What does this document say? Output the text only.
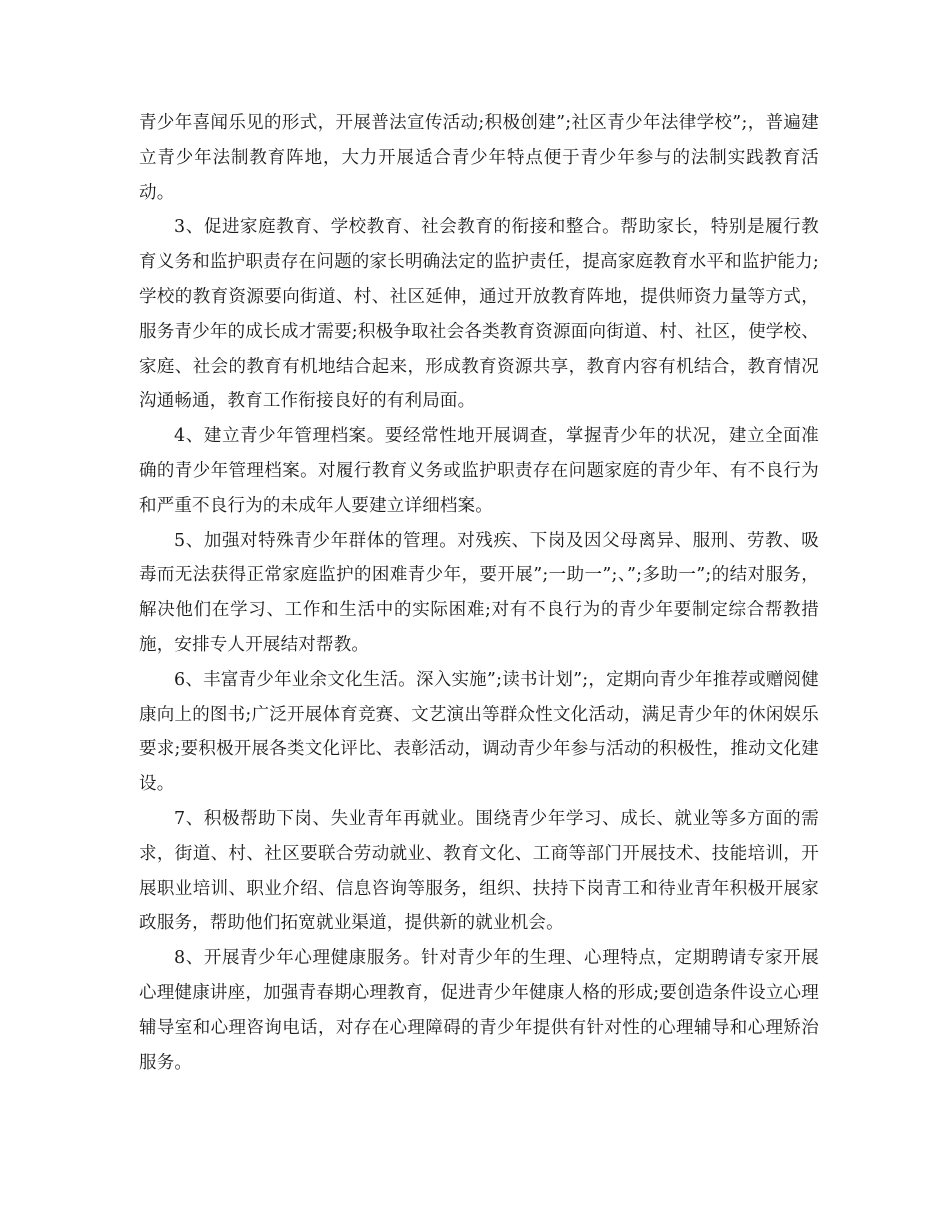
青少年喜闻乐见的形式，开展普法宣传活动;积极创建”;社区青少年法律学校”;，普遍建立青少年法制教育阵地，大力开展适合青少年特点便于青少年参与的法制实践教育活动。

3、促进家庭教育、学校教育、社会教育的衔接和整合。帮助家长，特别是履行教育义务和监护职责存在问题的家长明确法定的监护责任，提高家庭教育水平和监护能力;学校的教育资源要向街道、村、社区延伸，通过开放教育阵地，提供师资力量等方式，服务青少年的成长成才需要;积极争取社会各类教育资源面向街道、村、社区，使学校、家庭、社会的教育有机地结合起来，形成教育资源共享，教育内容有机结合，教育情况沟通畅通，教育工作衔接良好的有利局面。

4、建立青少年管理档案。要经常性地开展调查，掌握青少年的状况，建立全面准确的青少年管理档案。对履行教育义务或监护职责存在问题家庭的青少年、有不良行为和严重不良行为的未成年人要建立详细档案。

5、加强对特殊青少年群体的管理。对残疾、下岗及因父母离异、服刑、劳教、吸毒而无法获得正常家庭监护的困难青少年，要开展”;一助一”;、”;多助一”;的结对服务，解决他们在学习、工作和生活中的实际困难;对有不良行为的青少年要制定综合帮教措施，安排专人开展结对帮教。

6、丰富青少年业余文化生活。深入实施”;读书计划”;，定期向青少年推荐或赠阅健康向上的图书;广泛开展体育竞赛、文艺演出等群众性文化活动，满足青少年的休闲娱乐要求;要积极开展各类文化评比、表彰活动，调动青少年参与活动的积极性，推动文化建设。

7、积极帮助下岗、失业青年再就业。围绕青少年学习、成长、就业等多方面的需求，街道、村、社区要联合劳动就业、教育文化、工商等部门开展技术、技能培训，开展职业培训、职业介绍、信息咨询等服务，组织、扶持下岗青工和待业青年积极开展家政服务，帮助他们拓宽就业渠道，提供新的就业机会。

8、开展青少年心理健康服务。针对青少年的生理、心理特点，定期聘请专家开展心理健康讲座，加强青春期心理教育，促进青少年健康人格的形成;要创造条件设立心理辅导室和心理咨询电话，对存在心理障碍的青少年提供有针对性的心理辅导和心理矫治服务。
